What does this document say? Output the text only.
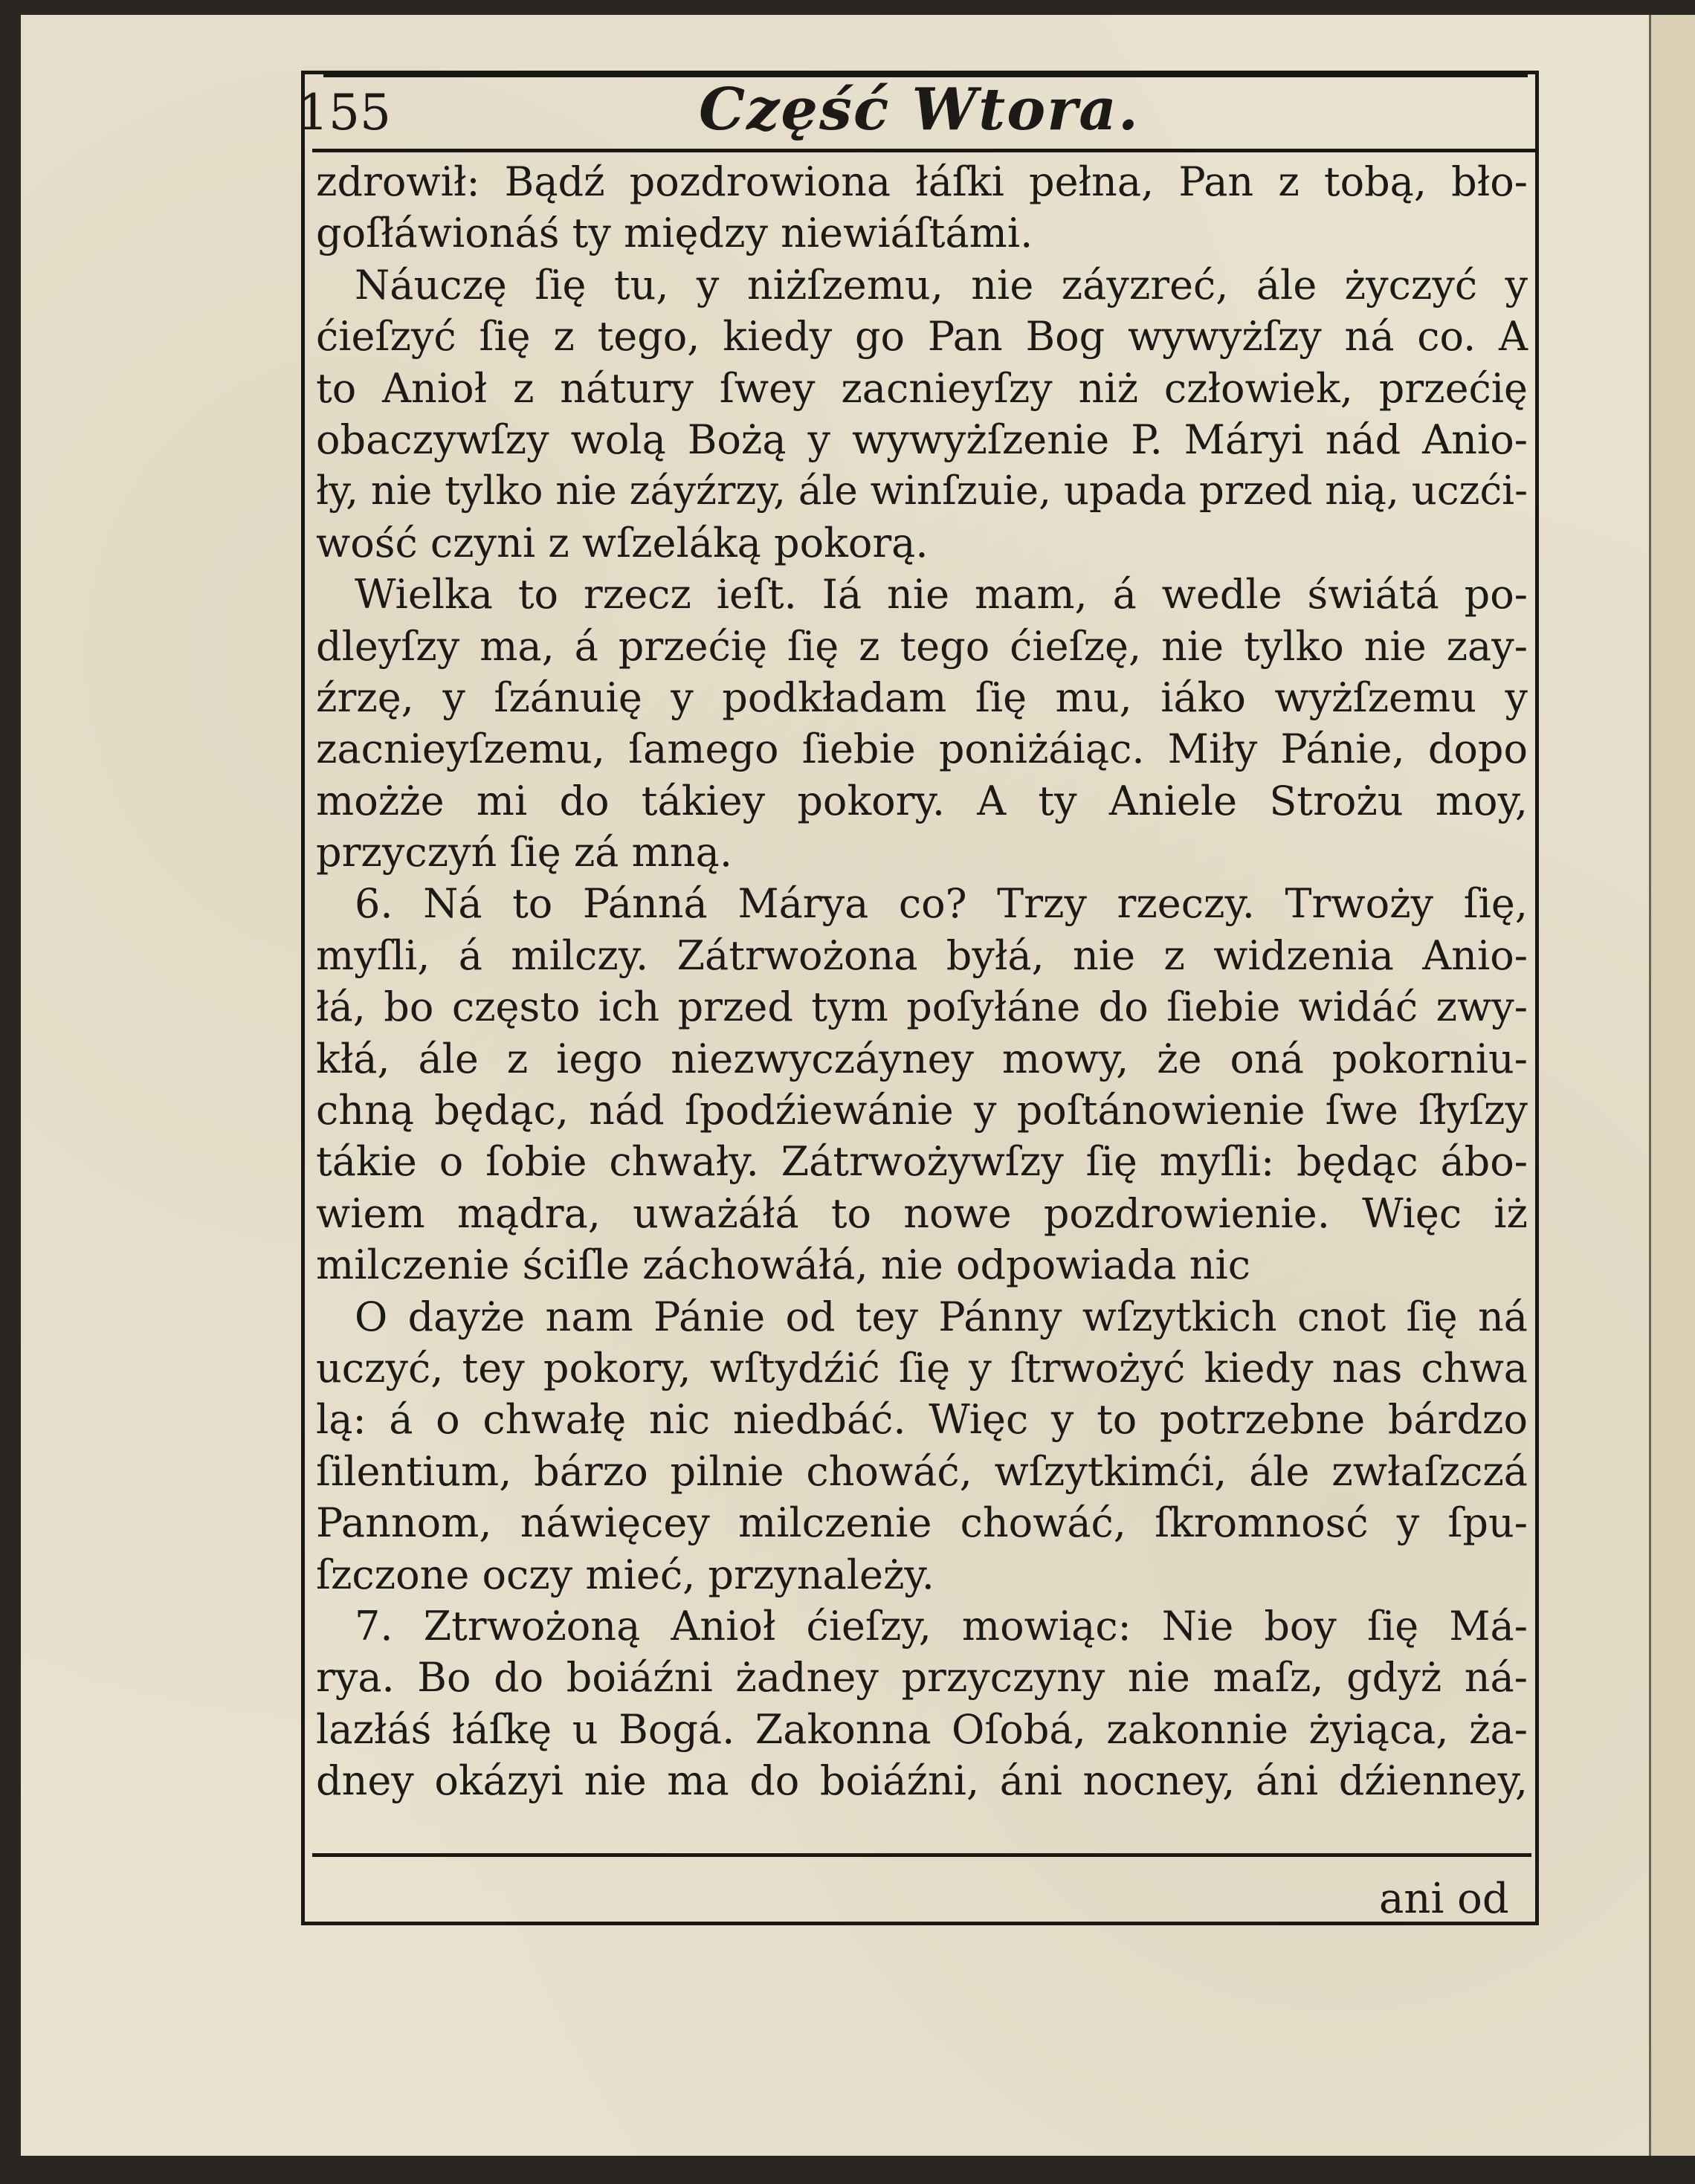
155	Część Wtora.
zdrowił: Bądź pozdrowiona łáſki pełna, Pan z tobą, bło-
goſłáwionáś ty między niewiáſtámi.
Náuczę ſię tu, y niżſzemu, nie záyzreć, ále życzyć y
ćieſzyć ſię z tego, kiedy go Pan Bog wywyżſzy ná co. A
to Anioł z nátury ſwey zacnieyſzy niż człowiek, przećię
obaczywſzy wolą Bożą y wywyżſzenie P. Máryi nád Anio-
ły, nie tylko nie záyźrzy, ále winſzuie, upada przed nią, uczći-
wość czyni z wſzeláką pokorą.
Wielka to rzecz ieſt. Iá nie mam, á wedle świátá po-
dleyſzy ma, á przećię ſię z tego ćieſzę, nie tylko nie zay-
źrzę, y ſzánuię y podkładam ſię mu, iáko wyżſzemu y
zacnieyſzemu, ſamego ſiebie poniżáiąc. Miły Pánie, dopo
możże mi do tákiey pokory. A ty Aniele Strożu moy,
przyczyń ſię zá mną.
6. Ná to Pánná Márya co? Trzy rzeczy. Trwoży ſię,
myſli, á milczy. Zátrwożona byłá, nie z widzenia Anio-
łá, bo często ich przed tym poſyłáne do ſiebie widáć zwy-
kłá, ále z iego niezwyczáyney mowy, że oná pokorniu-
chną będąc, nád ſpodźiewánie y poſtánowienie ſwe ſłyſzy
tákie o ſobie chwały. Zátrwożywſzy ſię myſli: będąc ábo-
wiem mądra, uważáłá to nowe pozdrowienie. Więc iż
milczenie ściſle záchowáłá, nie odpowiada nic
O dayże nam Pánie od tey Pánny wſzytkich cnot ſię ná
uczyć, tey pokory, wſtydźić ſię y ſtrwożyć kiedy nas chwa
lą: á o chwałę nic niedbáć. Więc y to potrzebne bárdzo
ſilentium, bárzo pilnie chowáć, wſzytkimći, ále zwłaſzczá
Pannom, náwięcey milczenie chowáć, ſkromnosć y ſpu-
ſzczone oczy mieć, przynależy.
7. Ztrwożoną Anioł ćieſzy, mowiąc: Nie boy ſię Má-
rya. Bo do boiáźni żadney przyczyny nie maſz, gdyż ná-
lazłáś łáſkę u Bogá. Zakonna Oſobá, zakonnie żyiąca, ża-
dney okázyi nie ma do boiáźni, áni nocney, áni dźienney,
ani od
